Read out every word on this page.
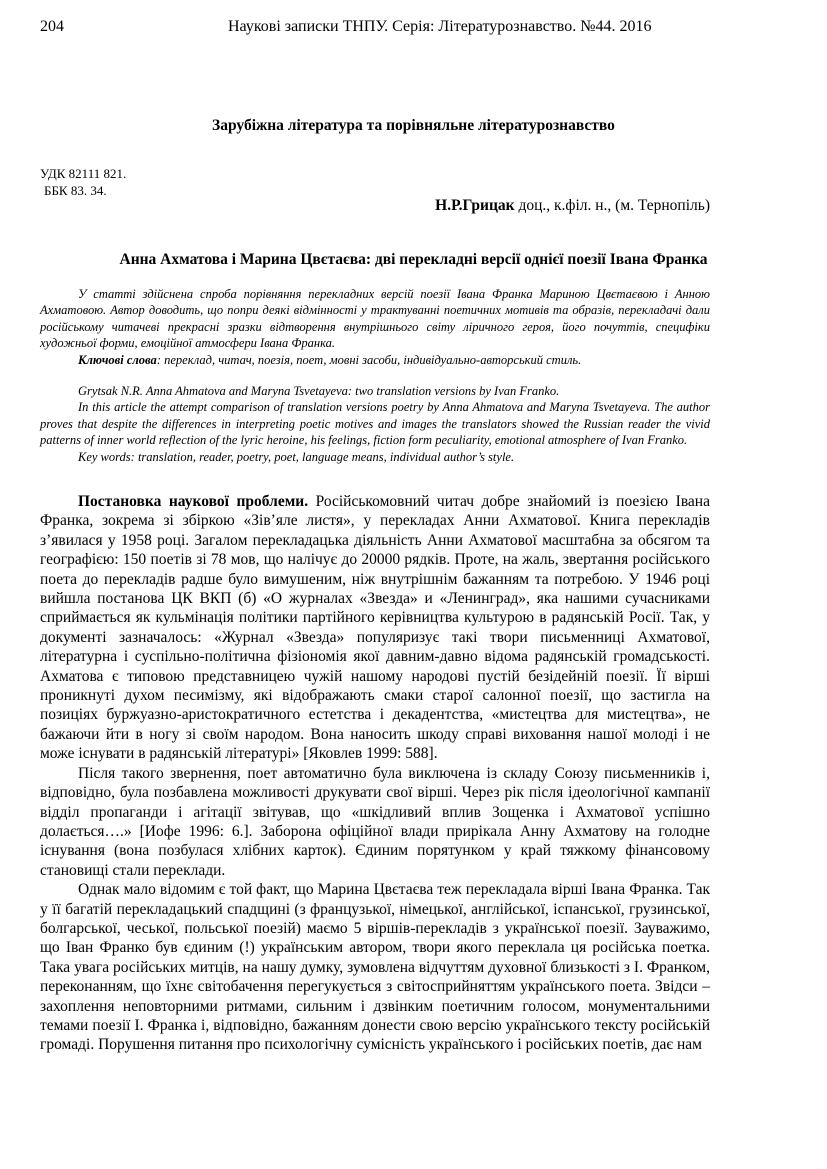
204	Наукові записки ТНПУ. Серія: Літературознавство. №44. 2016
Зарубіжна література та порівняльне літературознавство
УДК 82111 821.
ББК 83. 34.
Н.Р.Грицак доц., к.філ. н., (м. Тернопіль)
Анна Ахматова і Марина Цвєтаєва: дві перекладні версії однієї поезії Івана Франка

У статті здійснена спроба порівняння перекладних версій поезії Івана Франка Мариною Цвєтаєвою і Анною Ахматовою. Автор доводить, що попри деякі відмінності у трактуванні поетичних мотивів та образів, перекладачі дали російському читачеві прекрасні зразки відтворення внутрішнього світу ліричного героя, його почуттів, специфіки художньої форми, емоційної атмосфери Івана Франка.

Ключові слова: переклад, читач, поезія, поет, мовні засоби, індивідуально-авторський стиль.

Grytsak N.R. Anna Ahmatova and Maryna Tsvetayeva: two translation versions by Ivan Franko.

In this article the attempt comparison of translation versions poetry by Anna Ahmatova and Maryna Tsvetayeva. The author proves that despite the differences in interpreting poetic motives and images the translators showed the Russian reader the vivid patterns of inner world reflection of the lyric heroine, his feelings, fiction form peculiarity, emotional atmosphere of Ivan Franko.

Key words: translation, reader, poetry, poet, language means, individual author’s style.

Постановка наукової проблеми. Російськомовний читач добре знайомий із поезією Івана Франка, зокрема зі збіркою «Зів’яле листя», у перекладах Анни Ахматової. Книга перекладів з’явилася у 1958 році. Загалом перекладацька діяльність Анни Ахматової масштабна за обсягом та географією: 150 поетів зі 78 мов, що налічує до 20000 рядків. Проте, на жаль, звертання російського поета до перекладів радше було вимушеним, ніж внутрішнім бажанням та потребою. У 1946 році вийшла постанова ЦК ВКП (б) «О журналах «Звезда» и «Ленинград», яка нашими сучасниками сприймається як кульмінація політики партійного керівництва культурою в радянській Росії. Так, у документі зазначалось: «Журнал «Звезда» популяризує такі твори письменниці Ахматової, літературна і суспільно-політична фізіономія якої давним-давно відома радянській громадськості. Ахматова є типовою представницею чужій нашому народові пустій безідейній поезії. Її вірші проникнуті духом песимізму, які відображають смаки старої салонної поезії, що застигла на позиціях буржуазно-аристократичного естетства і декадентства, «мистецтва для мистецтва», не бажаючи йти в ногу зі своїм народом. Вона наносить шкоду справі виховання нашої молоді і не може існувати в радянській літературі» [Яковлев 1999: 588].

Після такого звернення, поет автоматично була виключена із складу Союзу письменників і, відповідно, була позбавлена можливості друкувати свої вірші. Через рік після ідеологічної кампанії відділ пропаганди і агітації звітував, що «шкідливий вплив Зощенка і Ахматової успішно долається….» [Иофе 1996: 6.]. Заборона офіційної влади прирікала Анну Ахматову на голодне існування (вона позбулася хлібних карток). Єдиним порятунком у край тяжкому фінансовому становищі стали переклади.

Однак мало відомим є той факт, що Марина Цвєтаєва теж перекладала вірші Івана Франка. Так у її багатій перекладацький спадщині (з французької, німецької, англійської, іспанської, грузинської, болгарської, чеської, польської поезій) маємо 5 віршів-перекладів з української поезії. Зауважимо, що Іван Франко був єдиним (!) українським автором, твори якого переклала ця російська поетка. Така увага російських митців, на нашу думку, зумовлена відчуттям духовної близькості з І. Франком, переконанням, що їхнє світобачення перегукується з світосприйняттям українського поета. Звідси – захоплення неповторними ритмами, сильним і дзвінким поетичним голосом, монументальними темами поезії І. Франка і, відповідно, бажанням донести свою версію українського тексту російській громаді. Порушення питання про психологічну сумісність українського і російських поетів, дає нам
